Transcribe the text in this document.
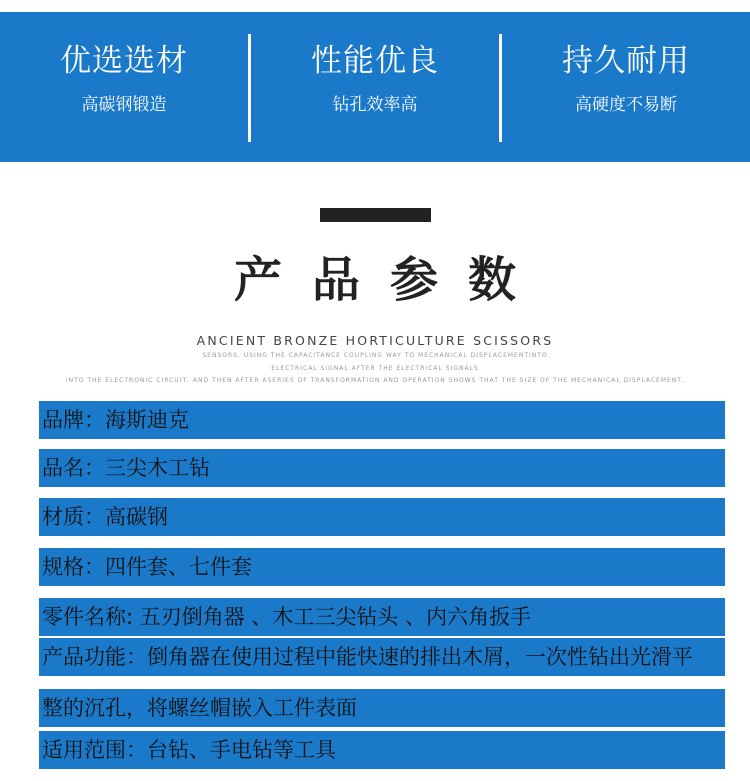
优选选材
高碳钢锻造
性能优良
钻孔效率高
持久耐用
高硬度不易断
产品参数
ANCIENT BRONZE HORTICULTURE SCISSORS
SENSORS, USING THE CAPACITANCE COUPLING WAY TO MECHANICAL DISPLACEMENTINTO
ELECTRICAL SIGNAL AFTER THE ELECTRICAL SIGNALS
INTO THE ELECTRONIC CIRCUIT, AND THEN AFTER ASERIES OF TRANSFORMATION AND OPERATION SHOWS THAT THE SIZE OF THE MECHANICAL DISPLACEMENT.
品牌：海斯迪克
品名：三尖木工钻
材质：高碳钢
规格：四件套、七件套
零件名称: 五刃倒角器 、木工三尖钻头 、内六角扳手
产品功能：倒角器在使用过程中能快速的排出木屑，一次性钻出光滑平
整的沉孔，将螺丝帽嵌入工件表面
适用范围：台钻、手电钻等工具
